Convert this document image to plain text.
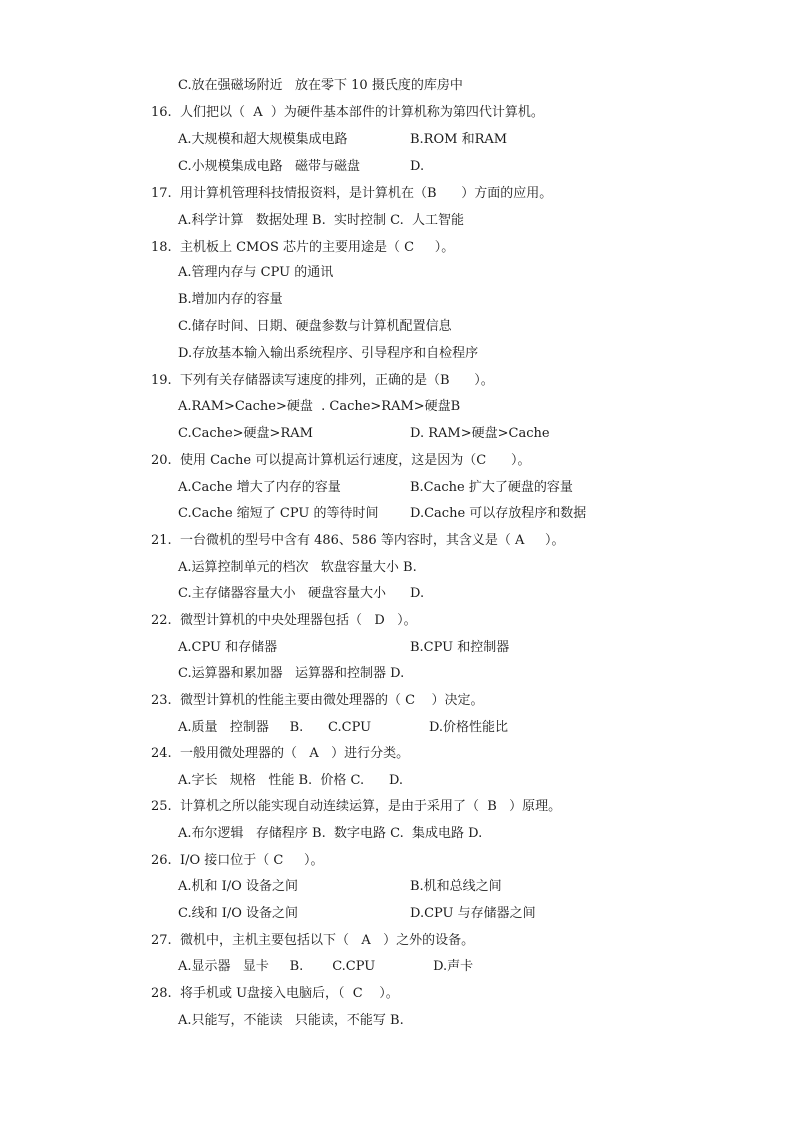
C.放在强磁场附近   放在零下 10 摄氏度的库房中
16.  人们把以（  A  ）为硬件基本部件的计算机称为第四代计算机。
A.大规模和超大规模集成电路	B.ROM 和RAM
C.小规模集成电路   磁带与磁盘	D.
17.  用计算机管理科技情报资料，是计算机在（B      ）方面的应用。
A.科学计算   数据处理 B.  实时控制 C.  人工智能
18.  主机板上 CMOS 芯片的主要用途是（ C     ）。
A.管理内存与 CPU 的通讯
B.增加内存的容量
C.储存时间、日期、硬盘参数与计算机配置信息
D.存放基本输入输出系统程序、引导程序和自检程序
19.  下列有关存储器读写速度的排列，正确的是（B      ）。
A.RAM>Cache>硬盘  . Cache>RAM>硬盘B
C.Cache>硬盘>RAM	D. RAM>硬盘>Cache
20.  使用 Cache 可以提高计算机运行速度，这是因为（C      ）。
A.Cache 增大了内存的容量	B.Cache 扩大了硬盘的容量
C.Cache 缩短了 CPU 的等待时间 D.Cache 可以存放程序和数据
21.  一台微机的型号中含有 486、586 等内容时，其含义是（ A     ）。
A.运算控制单元的档次   软盘容量大小 B.
C.主存储器容量大小   硬盘容量大小 D.
22.  微型计算机的中央处理器包括（   D   ）。
A.CPU 和存储器	B.CPU 和控制器
C.运算器和累加器   运算器和控制器 D.
23.  微型计算机的性能主要由微处理器的（ C    ）决定。
A.质量   控制器     B.      C.CPU              D.价格性能比
24.  一般用微处理器的（   A   ）进行分类。
A.字长   规格   性能 B.  价格 C.      D.
25.  计算机之所以能实现自动连续运算，是由于采用了（  B   ）原理。
A.布尔逻辑   存储程序 B.  数字电路 C.  集成电路 D.
26.  I/O 接口位于（ C     ）。
A.机和 I/O 设备之间	B.机和总线之间
C.线和 I/O 设备之间	D.CPU 与存储器之间
27.  微机中，主机主要包括以下（   A   ）之外的设备。
A.显示器   显卡     B.       C.CPU              D.声卡
28.  将手机或 U盘接入电脑后，（  C    ）。
A.只能写，不能读   只能读，不能写 B.
